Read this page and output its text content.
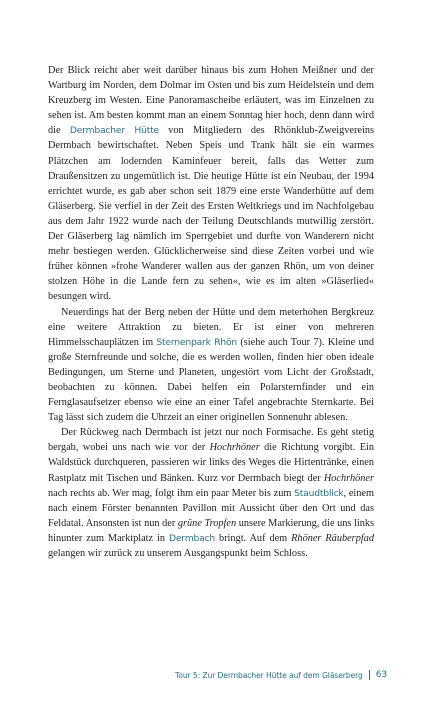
Der Blick reicht aber weit darüber hinaus bis zum Hohen Meißner und der Wartburg im Norden, dem Dolmar im Osten und bis zum Heidelstein und dem Kreuzberg im Westen. Eine Panoramascheibe erläutert, was im Einzelnen zu sehen ist. Am besten kommt man an einem Sonntag hier hoch, denn dann wird die Dermbacher Hütte von Mitgliedern des Rhönklub-Zweigvereins Dermbach bewirtschaftet. Neben Speis und Trank hält sie ein warmes Plätzchen am lodernden Kaminfeuer bereit, falls das Wetter zum Draußensitzen zu ungemütlich ist. Die heutige Hütte ist ein Neubau, der 1994 errichtet wurde, es gab aber schon seit 1879 eine erste Wanderhütte auf dem Gläserberg. Sie verfiel in der Zeit des Ersten Weltkriegs und im Nachfolgebau aus dem Jahr 1922 wurde nach der Teilung Deutschlands mutwillig zerstört. Der Gläserberg lag nämlich im Sperrgebiet und durfte von Wanderern nicht mehr bestiegen werden. Glücklicherweise sind diese Zeiten vorbei und wie früher können »frohe Wanderer wallen aus der ganzen Rhön, um von deiner stolzen Höhe in die Lande fern zu sehen«, wie es im alten »Gläserlied« besungen wird.

Neuerdings hat der Berg neben der Hütte und dem meterhohen Bergkreuz eine weitere Attraktion zu bieten. Er ist einer von mehreren Himmelsschauplätzen im Sternenpark Rhön (siehe auch Tour 7). Kleine und große Sternfreunde und solche, die es werden wollen, finden hier oben ideale Bedingungen, um Sterne und Planeten, ungestört vom Licht der Großstadt, beobachten zu können. Dabei helfen ein Polarsternfinder und ein Fernglasaufsetzer ebenso wie eine an einer Tafel angebrachte Sternkarte. Bei Tag lässt sich zudem die Uhrzeit an einer originellen Sonnenuhr ablesen.

Der Rückweg nach Dermbach ist jetzt nur noch Formsache. Es geht stetig bergab, wobei uns nach wie vor der Hochrhöner die Richtung vorgibt. Ein Waldstück durchqueren, passieren wir links des Weges die Hirtentränke, einen Rastplatz mit Tischen und Bänken. Kurz vor Dermbach biegt der Hochrhöner nach rechts ab. Wer mag, folgt ihm ein paar Meter bis zum Staudtblick, einem nach einem Förster benannten Pavillon mit Aussicht über den Ort und das Feldatal. Ansonsten ist nun der grüne Tropfen unsere Markierung, die uns links hinunter zum Marktplatz in Dermbach bringt. Auf dem Rhöner Räuberpfad gelangen wir zurück zu unserem Ausgangspunkt beim Schloss.

Tour 5: Zur Dermbacher Hütte auf dem Gläserberg 63
